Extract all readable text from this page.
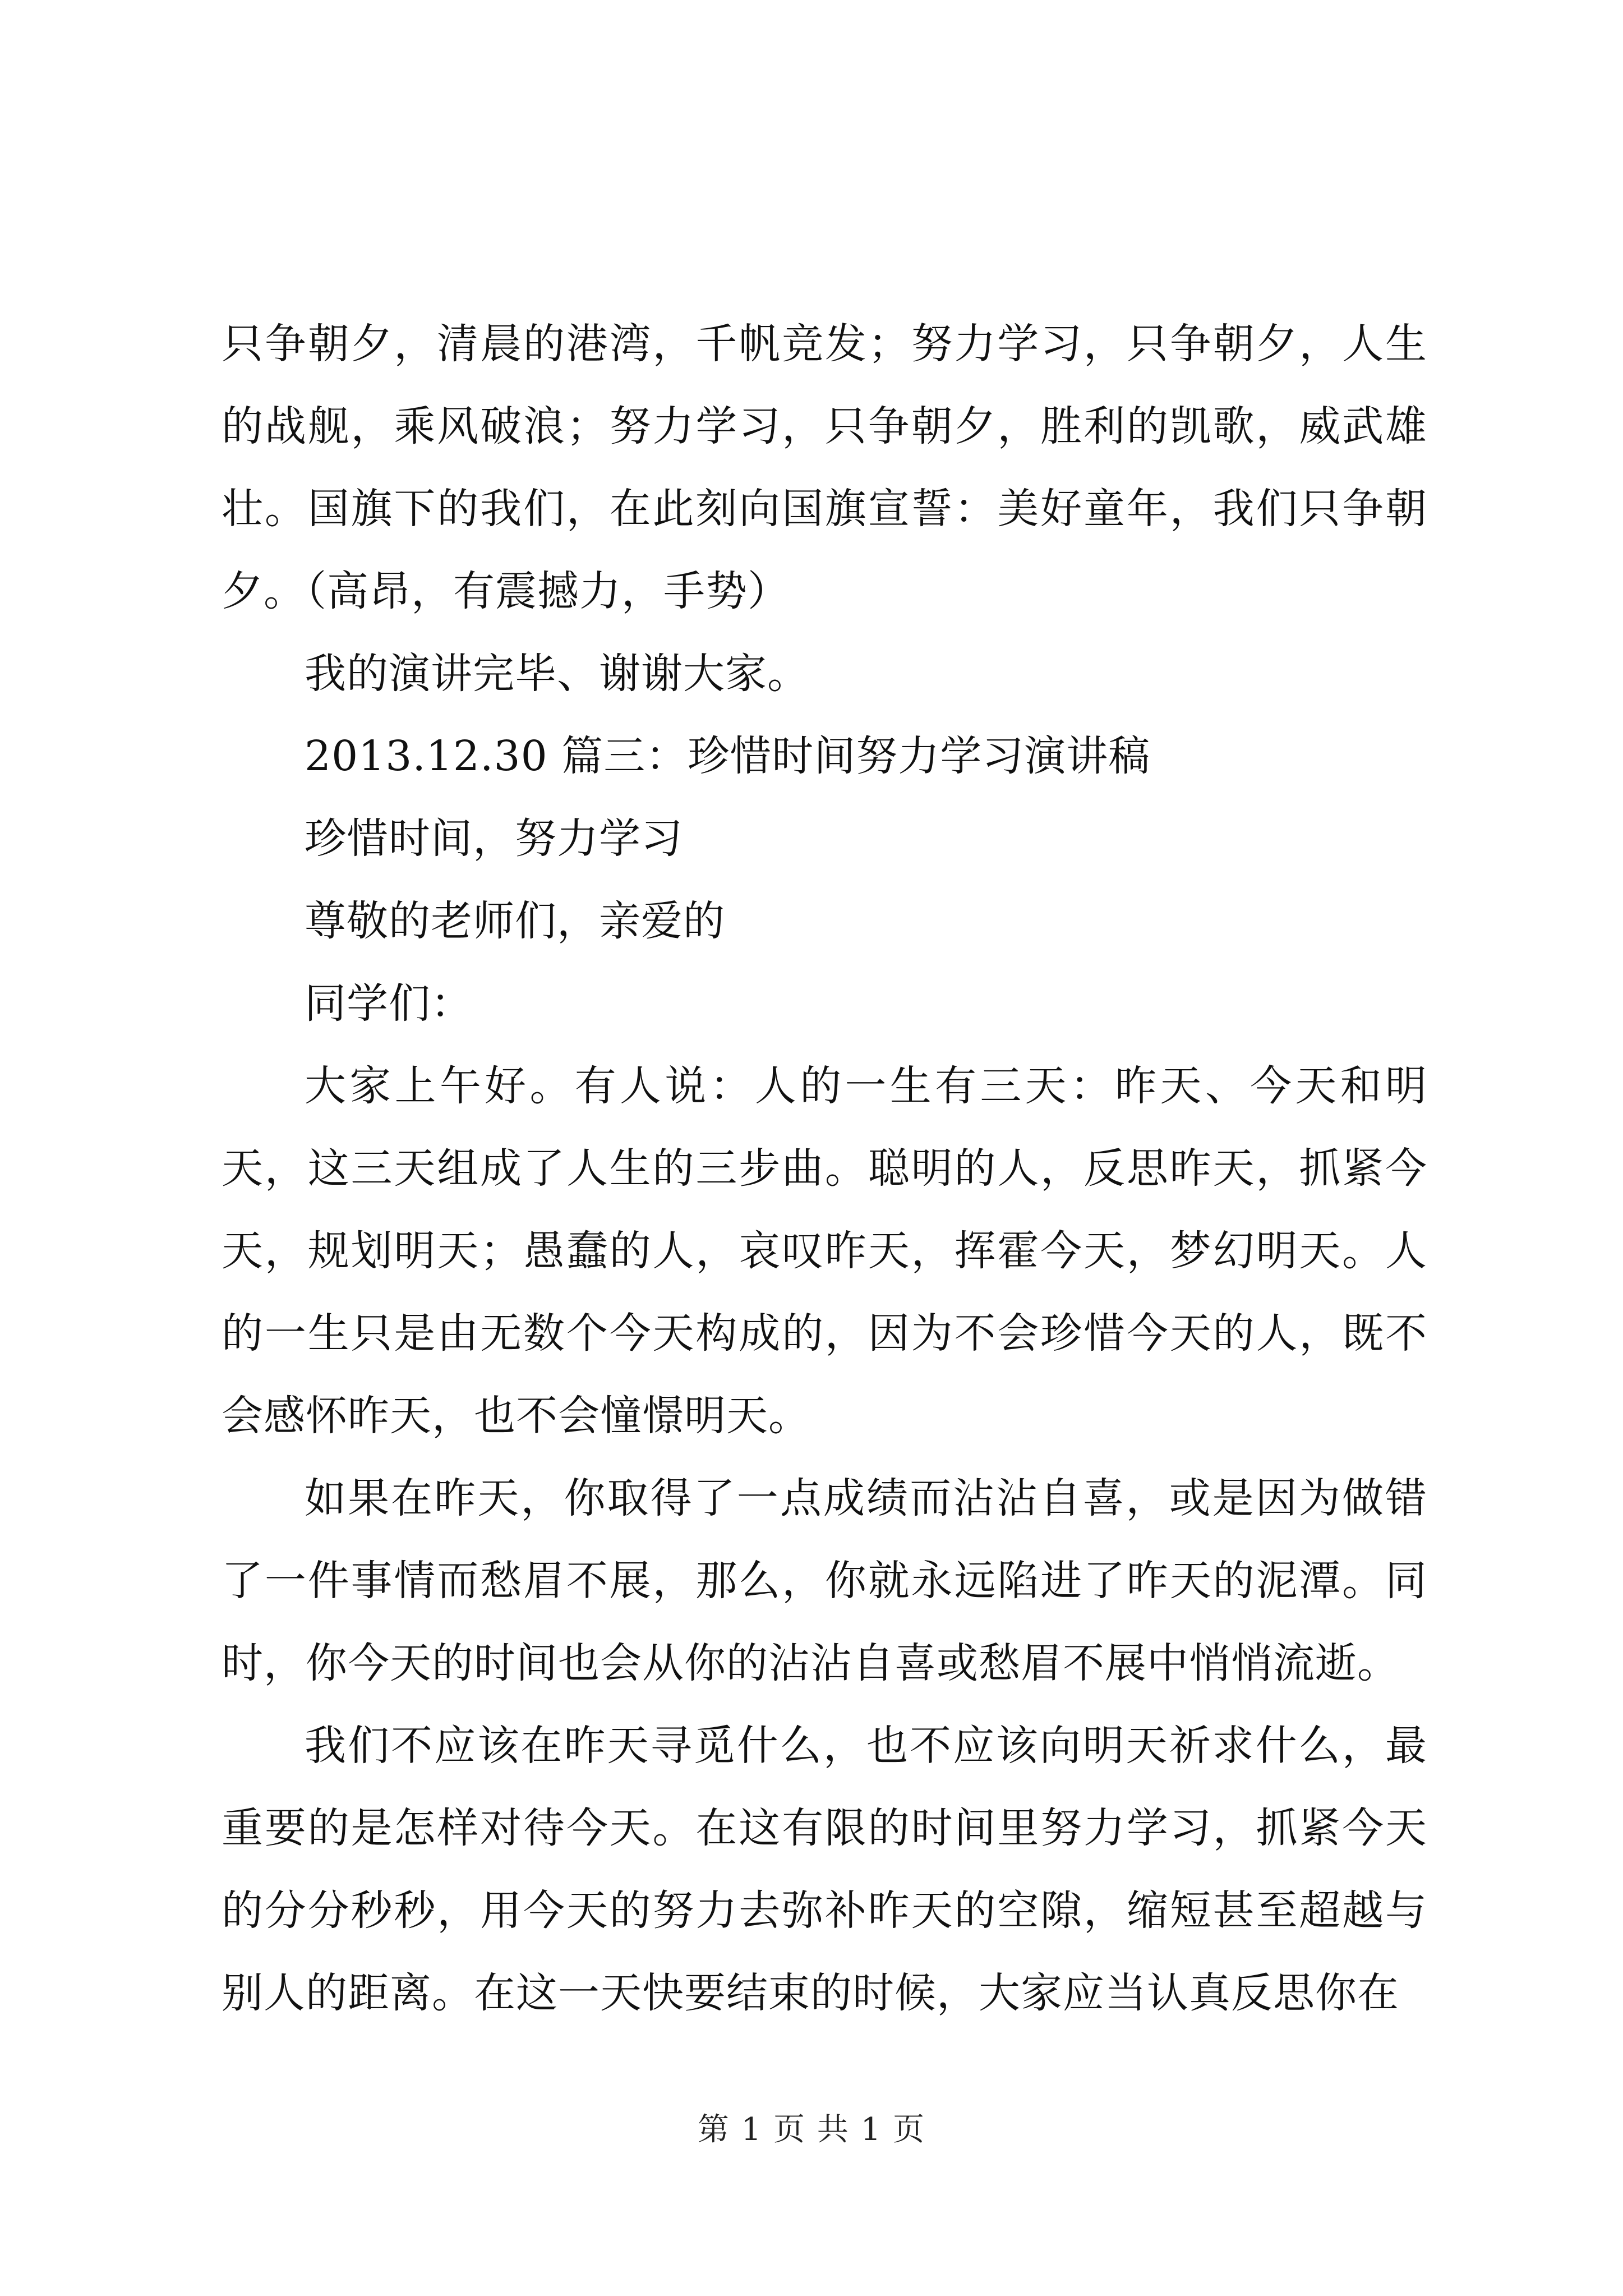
只争朝夕，清晨的港湾，千帆竞发；努力学习，只争朝夕，人生的战舰，乘风破浪；努力学习，只争朝夕，胜利的凯歌，威武雄壮。国旗下的我们，在此刻向国旗宣誓：美好童年，我们只争朝夕。（高昂，有震撼力，手势）

我的演讲完毕、谢谢大家。

2013.12.30 篇三：珍惜时间努力学习演讲稿

珍惜时间，努力学习

尊敬的老师们，亲爱的

同学们：

大家上午好。有人说：人的一生有三天：昨天、今天和明天，这三天组成了人生的三步曲。聪明的人，反思昨天，抓紧今天，规划明天；愚蠢的人，哀叹昨天，挥霍今天，梦幻明天。人的一生只是由无数个今天构成的，因为不会珍惜今天的人，既不会感怀昨天，也不会憧憬明天。

如果在昨天，你取得了一点成绩而沾沾自喜，或是因为做错了一件事情而愁眉不展，那么，你就永远陷进了昨天的泥潭。同时，你今天的时间也会从你的沾沾自喜或愁眉不展中悄悄流逝。

我们不应该在昨天寻觅什么，也不应该向明天祈求什么，最重要的是怎样对待今天。在这有限的时间里努力学习，抓紧今天的分分秒秒，用今天的努力去弥补昨天的空隙，缩短甚至超越与别人的距离。在这一天快要结束的时候，大家应当认真反思你在

第 1 页 共 1 页
